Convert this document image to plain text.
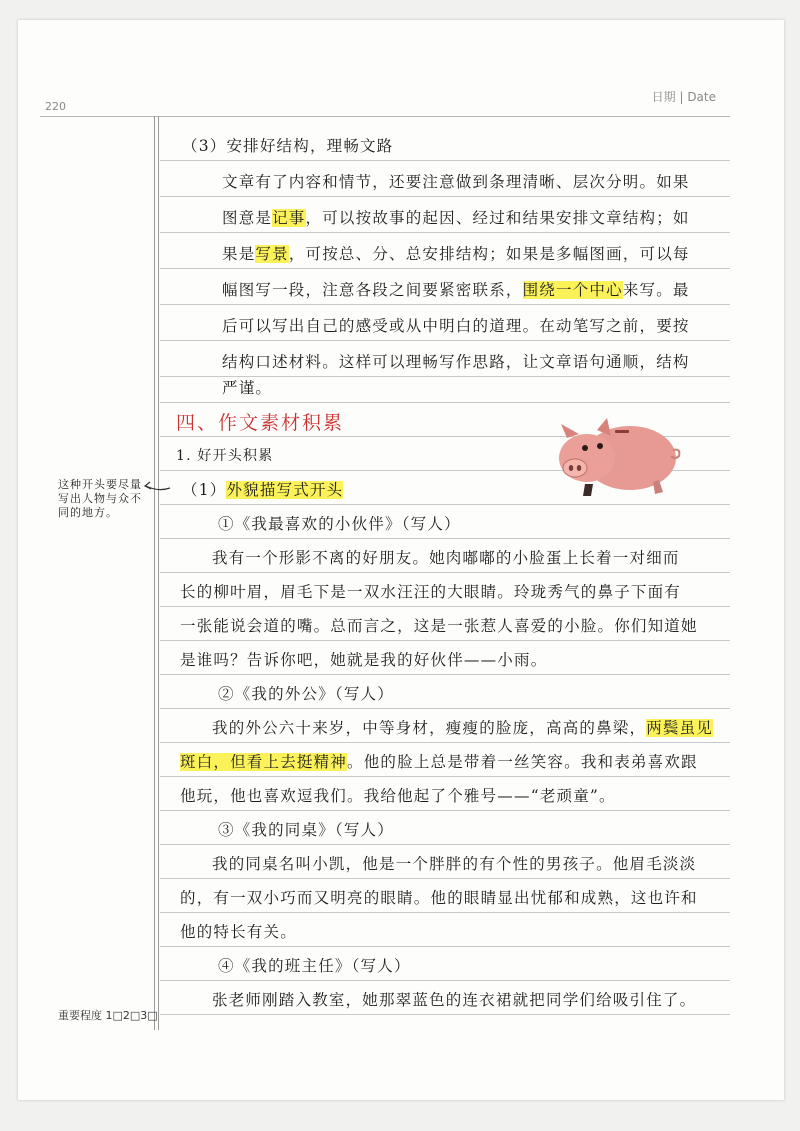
220
日期 | Date
（3）安排好结构，理畅文路
文章有了内容和情节，还要注意做到条理清晰、层次分明。如果
图意是记事，可以按故事的起因、经过和结果安排文章结构；如
果是写景，可按总、分、总安排结构；如果是多幅图画，可以每
幅图写一段，注意各段之间要紧密联系，围绕一个中心来写。最
后可以写出自己的感受或从中明白的道理。在动笔写之前，要按
结构口述材料。这样可以理畅写作思路，让文章语句通顺，结构
严谨。
四、作文素材积累
1. 好开头积累
（1）外貌描写式开头
这种开头要尽量写出人物与众不同的地方。
①《我最喜欢的小伙伴》（写人）
我有一个形影不离的好朋友。她肉嘟嘟的小脸蛋上长着一对细而
长的柳叶眉，眉毛下是一双水汪汪的大眼睛。玲珑秀气的鼻子下面有
一张能说会道的嘴。总而言之，这是一张惹人喜爱的小脸。你们知道她
是谁吗？告诉你吧，她就是我的好伙伴——小雨。
②《我的外公》（写人）
我的外公六十来岁，中等身材，瘦瘦的脸庞，高高的鼻梁，两鬓虽见
斑白，但看上去挺精神。他的脸上总是带着一丝笑容。我和表弟喜欢跟
他玩，他也喜欢逗我们。我给他起了个雅号——“老顽童”。
③《我的同桌》（写人）
我的同桌名叫小凯，他是一个胖胖的有个性的男孩子。他眉毛淡淡
的，有一双小巧而又明亮的眼睛。他的眼睛显出忧郁和成熟，这也许和
他的特长有关。
④《我的班主任》（写人）
张老师刚踏入教室，她那翠蓝色的连衣裙就把同学们给吸引住了。
重要程度 1□2□3□
